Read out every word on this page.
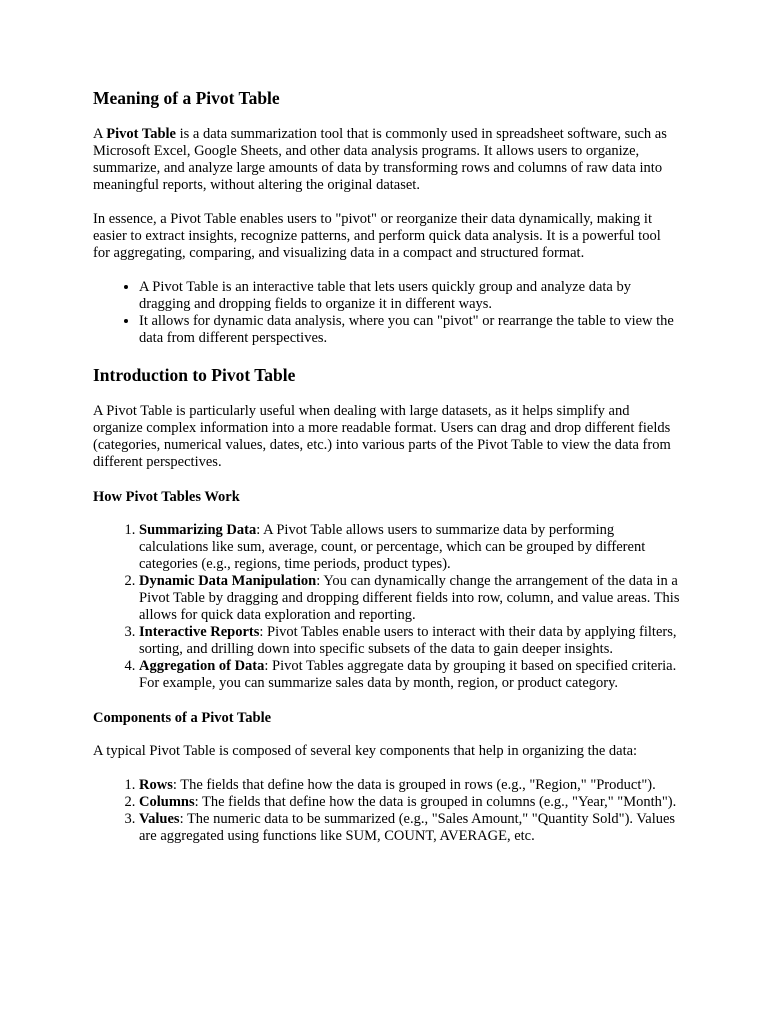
Meaning of a Pivot Table

A Pivot Table is a data summarization tool that is commonly used in spreadsheet software, such as Microsoft Excel, Google Sheets, and other data analysis programs. It allows users to organize, summarize, and analyze large amounts of data by transforming rows and columns of raw data into meaningful reports, without altering the original dataset.

In essence, a Pivot Table enables users to "pivot" or reorganize their data dynamically, making it easier to extract insights, recognize patterns, and perform quick data analysis. It is a powerful tool for aggregating, comparing, and visualizing data in a compact and structured format.

• A Pivot Table is an interactive table that lets users quickly group and analyze data by dragging and dropping fields to organize it in different ways.
• It allows for dynamic data analysis, where you can "pivot" or rearrange the table to view the data from different perspectives.
Introduction to Pivot Table

A Pivot Table is particularly useful when dealing with large datasets, as it helps simplify and organize complex information into a more readable format. Users can drag and drop different fields (categories, numerical values, dates, etc.) into various parts of the Pivot Table to view the data from different perspectives.

How Pivot Tables Work
1. Summarizing Data: A Pivot Table allows users to summarize data by performing calculations like sum, average, count, or percentage, which can be grouped by different categories (e.g., regions, time periods, product types).
2. Dynamic Data Manipulation: You can dynamically change the arrangement of the data in a Pivot Table by dragging and dropping different fields into row, column, and value areas. This allows for quick data exploration and reporting.
3. Interactive Reports: Pivot Tables enable users to interact with their data by applying filters, sorting, and drilling down into specific subsets of the data to gain deeper insights.
4. Aggregation of Data: Pivot Tables aggregate data by grouping it based on specified criteria. For example, you can summarize sales data by month, region, or product category.
Components of a Pivot Table

A typical Pivot Table is composed of several key components that help in organizing the data:

1. Rows: The fields that define how the data is grouped in rows (e.g., "Region," "Product").
2. Columns: The fields that define how the data is grouped in columns (e.g., "Year," "Month").
3. Values: The numeric data to be summarized (e.g., "Sales Amount," "Quantity Sold"). Values are aggregated using functions like SUM, COUNT, AVERAGE, etc.
